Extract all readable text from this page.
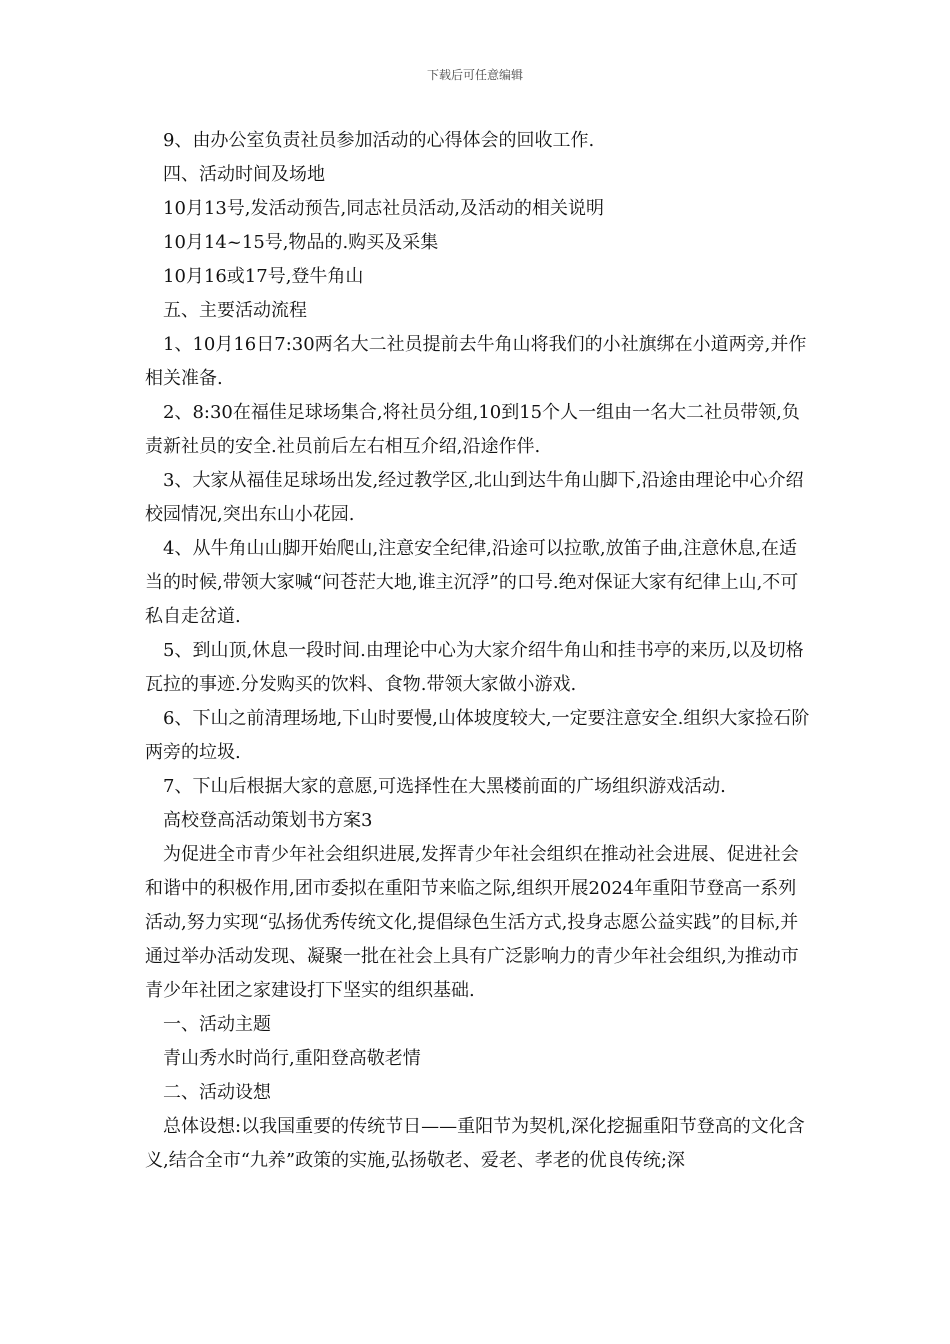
下载后可任意编辑

9、由办公室负责社员参加活动的心得体会的回收工作.

四、活动时间及场地

10月13号,发活动预告,同志社员活动,及活动的相关说明

10月14~15号,物品的.购买及采集

10月16或17号,登牛角山

五、主要活动流程

1、10月16日7:30两名大二社员提前去牛角山将我们的小社旗绑在小道两旁,并作相关准备.

2、8:30在福佳足球场集合,将社员分组,10到15个人一组由一名大二社员带领,负责新社员的安全.社员前后左右相互介绍,沿途作伴.

3、大家从福佳足球场出发,经过教学区,北山到达牛角山脚下,沿途由理论中心介绍校园情况,突出东山小花园.

4、从牛角山山脚开始爬山,注意安全纪律,沿途可以拉歌,放笛子曲,注意休息,在适当的时候,带领大家喊“问苍茫大地,谁主沉浮”的口号.绝对保证大家有纪律上山,不可私自走岔道.

5、到山顶,休息一段时间.由理论中心为大家介绍牛角山和挂书亭的来历,以及切格瓦拉的事迹.分发购买的饮料、食物.带领大家做小游戏.

6、下山之前清理场地,下山时要慢,山体坡度较大,一定要注意安全.组织大家捡石阶两旁的垃圾.

7、下山后根据大家的意愿,可选择性在大黑楼前面的广场组织游戏活动.

高校登高活动策划书方案3

为促进全市青少年社会组织进展,发挥青少年社会组织在推动社会进展、促进社会和谐中的积极作用,团市委拟在重阳节来临之际,组织开展2024年重阳节登高一系列活动,努力实现“弘扬优秀传统文化,提倡绿色生活方式,投身志愿公益实践”的目标,并通过举办活动发现、凝聚一批在社会上具有广泛影响力的青少年社会组织,为推动市青少年社团之家建设打下坚实的组织基础.

一、活动主题

青山秀水时尚行,重阳登高敬老情

二、活动设想

总体设想:以我国重要的传统节日——重阳节为契机,深化挖掘重阳节登高的文化含义,结合全市“九养”政策的实施,弘扬敬老、爱老、孝老的优良传统;深
